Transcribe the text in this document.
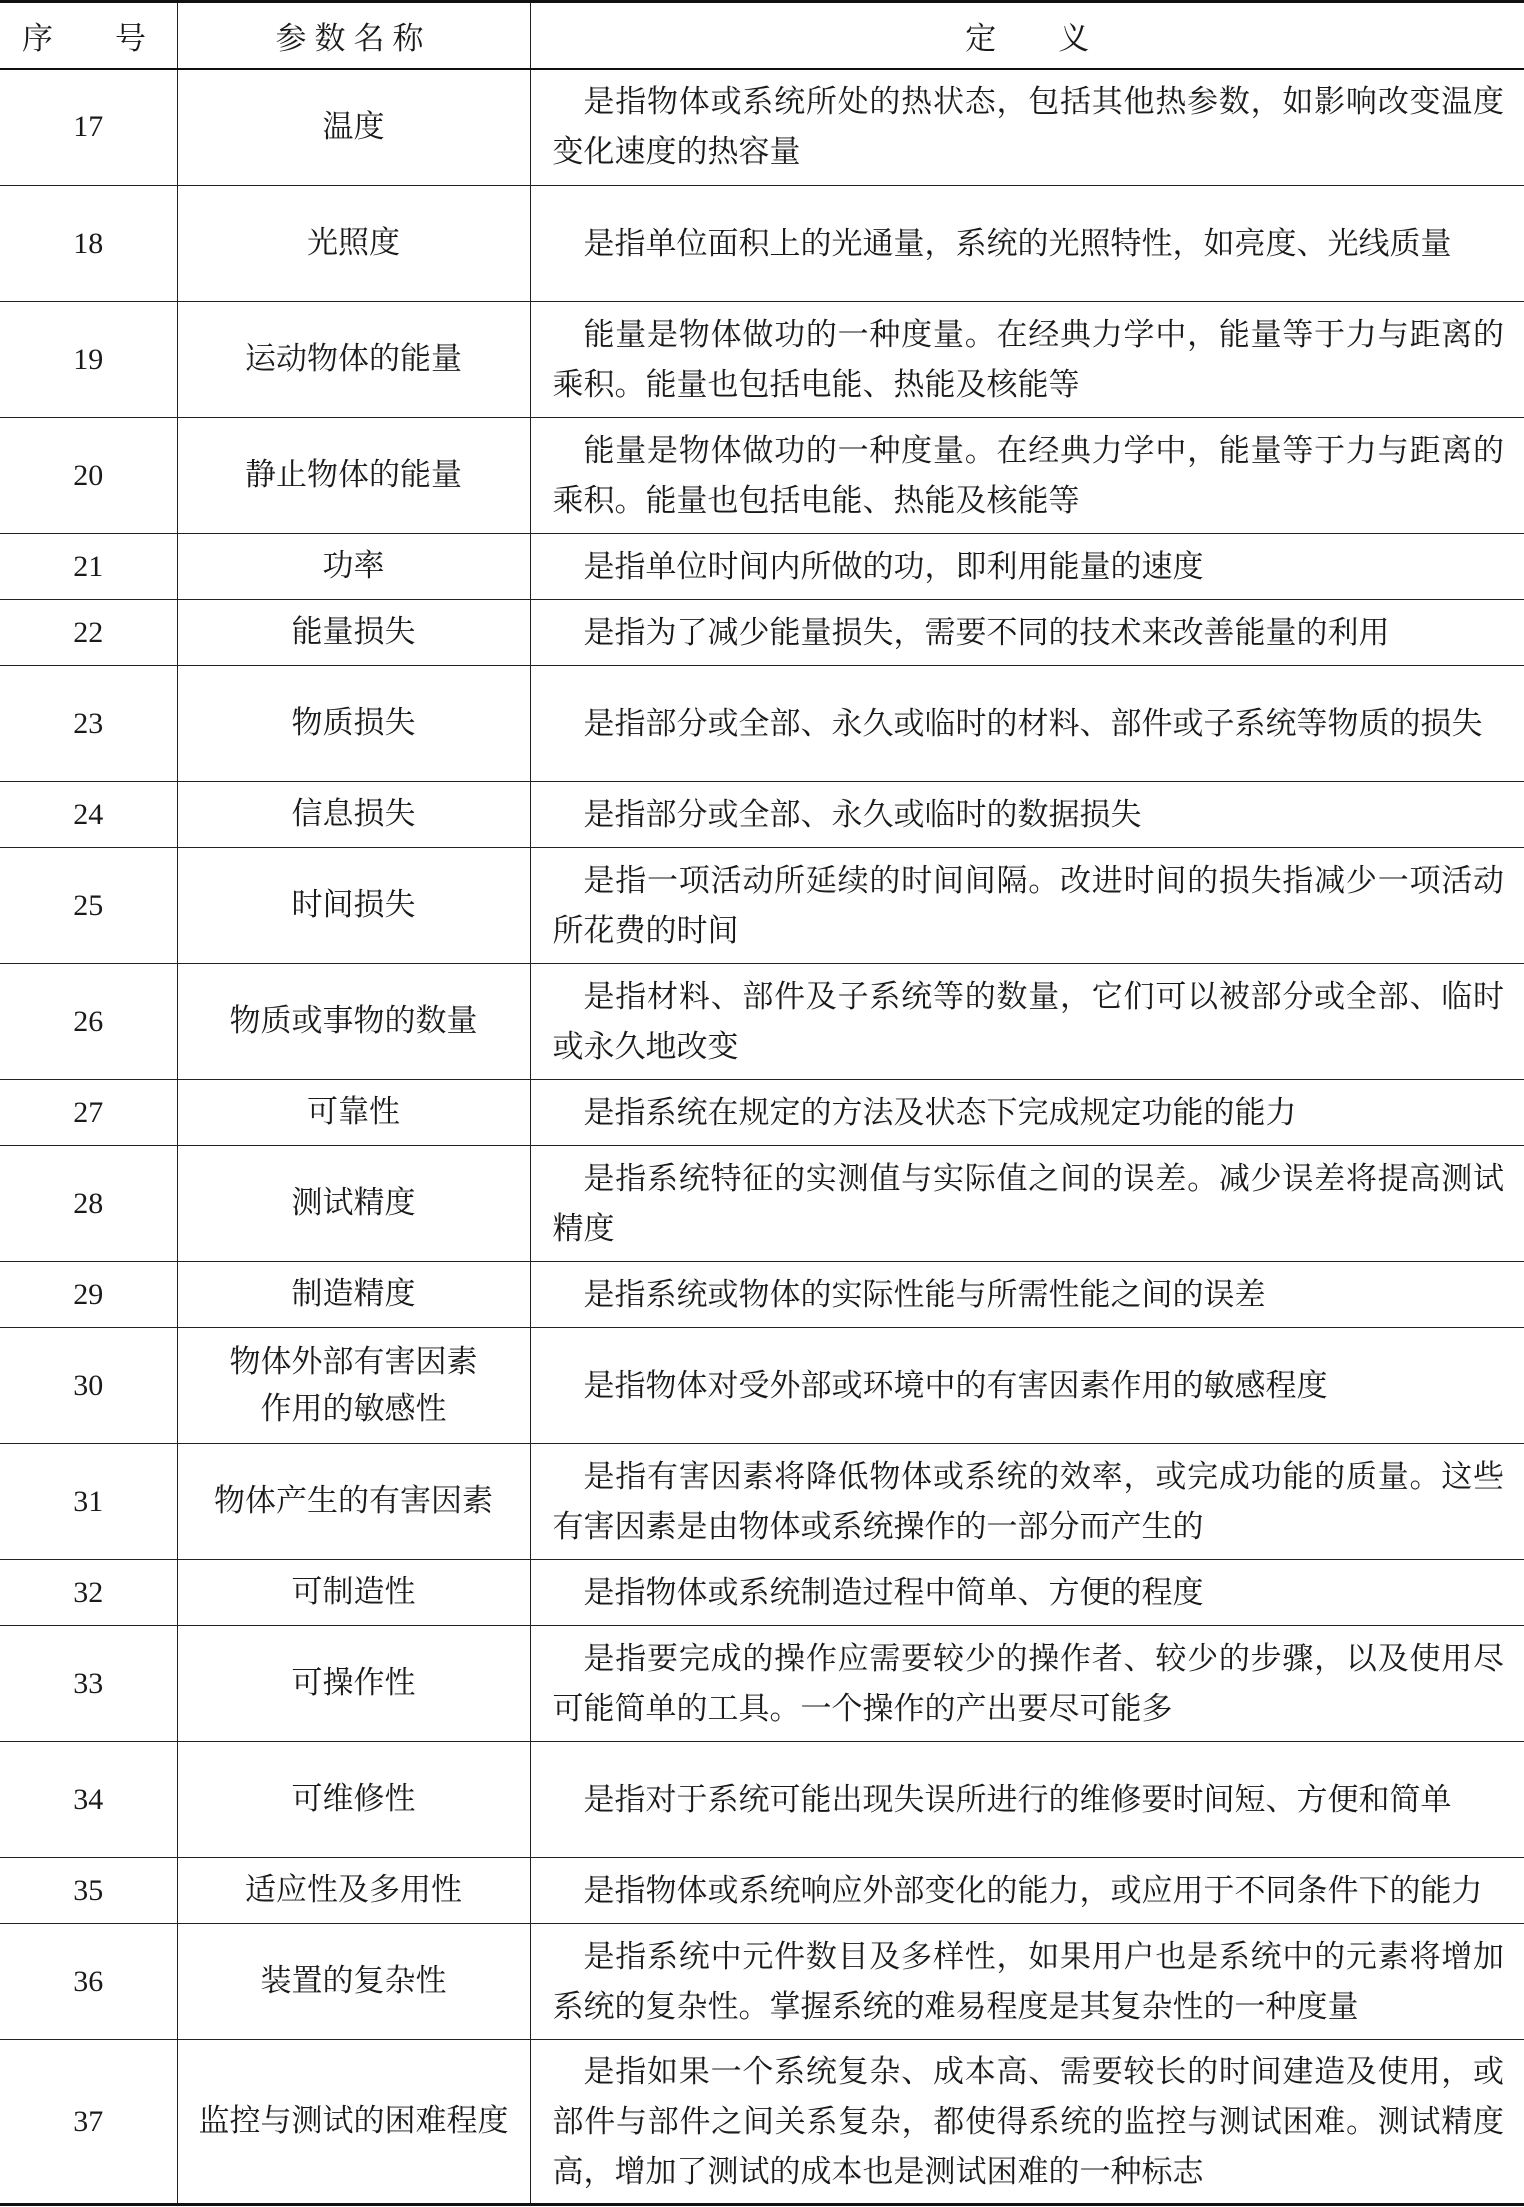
序　　号	参数名称	定　　义
17	温度	是指物体或系统所处的热状态，包括其他热参数，如影响改变温度变化速度的热容量
18	光照度	是指单位面积上的光通量，系统的光照特性，如亮度、光线质量
19	运动物体的能量	能量是物体做功的一种度量。在经典力学中，能量等于力与距离的乘积。能量也包括电能、热能及核能等
20	静止物体的能量	能量是物体做功的一种度量。在经典力学中，能量等于力与距离的乘积。能量也包括电能、热能及核能等
21	功率	是指单位时间内所做的功，即利用能量的速度
22	能量损失	是指为了减少能量损失，需要不同的技术来改善能量的利用
23	物质损失	是指部分或全部、永久或临时的材料、部件或子系统等物质的损失
24	信息损失	是指部分或全部、永久或临时的数据损失
25	时间损失	是指一项活动所延续的时间间隔。改进时间的损失指减少一项活动所花费的时间
26	物质或事物的数量	是指材料、部件及子系统等的数量，它们可以被部分或全部、临时或永久地改变
27	可靠性	是指系统在规定的方法及状态下完成规定功能的能力
28	测试精度	是指系统特征的实测值与实际值之间的误差。减少误差将提高测试精度
29	制造精度	是指系统或物体的实际性能与所需性能之间的误差
30	物体外部有害因素作用的敏感性	是指物体对受外部或环境中的有害因素作用的敏感程度
31	物体产生的有害因素	是指有害因素将降低物体或系统的效率，或完成功能的质量。这些有害因素是由物体或系统操作的一部分而产生的
32	可制造性	是指物体或系统制造过程中简单、方便的程度
33	可操作性	是指要完成的操作应需要较少的操作者、较少的步骤，以及使用尽可能简单的工具。一个操作的产出要尽可能多
34	可维修性	是指对于系统可能出现失误所进行的维修要时间短、方便和简单
35	适应性及多用性	是指物体或系统响应外部变化的能力，或应用于不同条件下的能力
36	装置的复杂性	是指系统中元件数目及多样性，如果用户也是系统中的元素将增加系统的复杂性。掌握系统的难易程度是其复杂性的一种度量
37	监控与测试的困难程度	是指如果一个系统复杂、成本高、需要较长的时间建造及使用，或部件与部件之间关系复杂，都使得系统的监控与测试困难。测试精度高，增加了测试的成本也是测试困难的一种标志
